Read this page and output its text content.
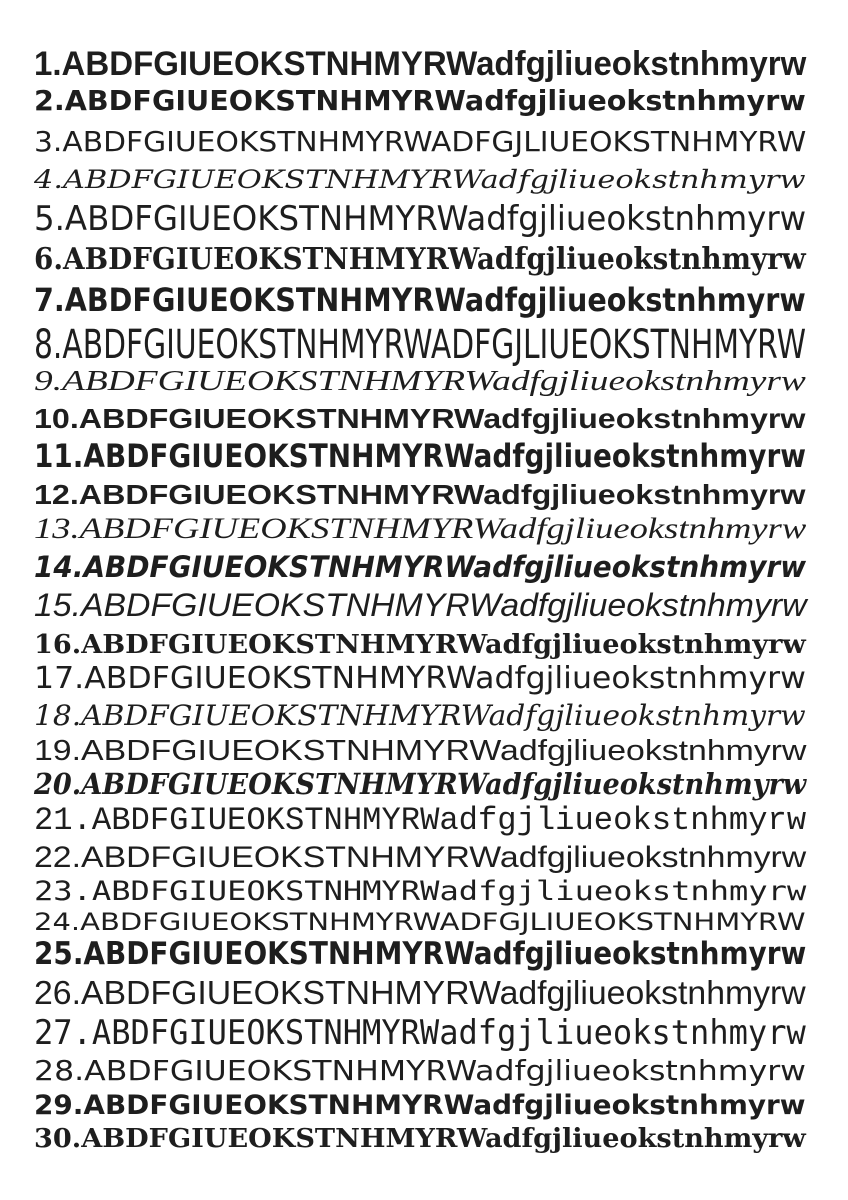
1.ABDFGIUEOKSTNHMYRWadfgjliueokstnhmyrw
2.ABDFGIUEOKSTNHMYRWadfgjliueokstnhmyrw
3.ABDFGIUEOKSTNHMYRWADFGJLIUEOKSTNHMYRW
4.ABDFGIUEOKSTNHMYRWadfgjliueokstnhmyrw
5.ABDFGIUEOKSTNHMYRWadfgjliueokstnhmyrw
6.ABDFGIUEOKSTNHMYRWadfgjliueokstnhmyrw
7.ABDFGIUEOKSTNHMYRWadfgjliueokstnhmyrw
8.ABDFGIUEOKSTNHMYRWADFGJLIUEOKSTNHMYRW
9.ABDFGIUEOKSTNHMYRWadfgjliueokstnhmyrw
10.ABDFGIUEOKSTNHMYRWadfgjliueokstnhmyrw
11.ABDFGIUEOKSTNHMYRWadfgjliueokstnhmyrw
12.ABDFGIUEOKSTNHMYRWadfgjliueokstnhmyrw
13.ABDFGIUEOKSTNHMYRWadfgjliueokstnhmyrw
14.ABDFGIUEOKSTNHMYRWadfgjliueokstnhmyrw
15.ABDFGIUEOKSTNHMYRWadfgjliueokstnhmyrw
16.ABDFGIUEOKSTNHMYRWadfgjliueokstnhmyrw
17.ABDFGIUEOKSTNHMYRWadfgjliueokstnhmyrw
18.ABDFGIUEOKSTNHMYRWadfgjliueokstnhmyrw
19.ABDFGIUEOKSTNHMYRWadfgjliueokstnhmyrw
20.ABDFGIUEOKSTNHMYRWadfgjliueokstnhmyrw
21.ABDFGIUEOKSTNHMYRWadfgjliueokstnhmyrw
22.ABDFGIUEOKSTNHMYRWadfgjliueokstnhmyrw
23.ABDFGIUEOKSTNHMYRWadfgjliueokstnhmyrw
24.ABDFGIUEOKSTNHMYRWADFGJLIUEOKSTNHMYRW
25.ABDFGIUEOKSTNHMYRWadfgjliueokstnhmyrw
26.ABDFGIUEOKSTNHMYRWadfgjliueokstnhmyrw
27.ABDFGIUEOKSTNHMYRWadfgjliueokstnhmyrw
28.ABDFGIUEOKSTNHMYRWadfgjliueokstnhmyrw
29.ABDFGIUEOKSTNHMYRWadfgjliueokstnhmyrw
30.ABDFGIUEOKSTNHMYRWadfgjliueokstnhmyrw
